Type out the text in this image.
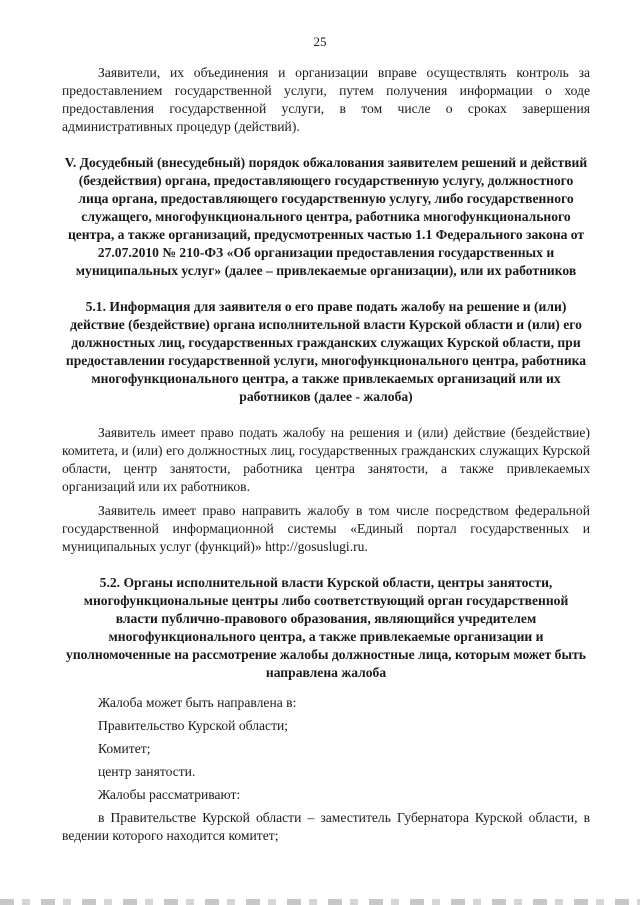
25

Заявители, их объединения и организации вправе осуществлять контроль за предоставлением государственной услуги, путем получения информации о ходе предоставления государственной услуги, в том числе о сроках завершения административных процедур (действий).

V. Досудебный (внесудебный) порядок обжалования заявителем решений и действий (бездействия) органа, предоставляющего государственную услугу, должностного лица органа, предоставляющего государственную услугу, либо государственного служащего, многофункционального центра, работника многофункционального центра, а также организаций, предусмотренных частью 1.1 Федерального закона от 27.07.2010 № 210-ФЗ «Об организации предоставления государственных и муниципальных услуг» (далее – привлекаемые организации), или их работников

5.1. Информация для заявителя о его праве подать жалобу на решение и (или) действие (бездействие) органа исполнительной власти Курской области и (или) его должностных лиц, государственных гражданских служащих Курской области, при предоставлении государственной услуги, многофункционального центра, работника многофункционального центра, а также привлекаемых организаций или их работников (далее - жалоба)

Заявитель имеет право подать жалобу на решения и (или) действие (бездействие) комитета, и (или) его должностных лиц, государственных гражданских служащих Курской области, центр занятости, работника центра занятости, а также привлекаемых организаций или их работников.

Заявитель имеет право направить жалобу в том числе посредством федеральной государственной информационной системы «Единый портал государственных и муниципальных услуг (функций)» http://gosuslugi.ru.

5.2. Органы исполнительной власти Курской области, центры занятости, многофункциональные центры либо соответствующий орган государственной власти публично-правового образования, являющийся учредителем многофункционального центра, а также привлекаемые организации и уполномоченные на рассмотрение жалобы должностные лица, которым может быть направлена жалоба

Жалоба может быть направлена в:

Правительство Курской области;

Комитет;

центр занятости.

Жалобы рассматривают:

в Правительстве Курской области – заместитель Губернатора Курской области, в ведении которого находится комитет;
